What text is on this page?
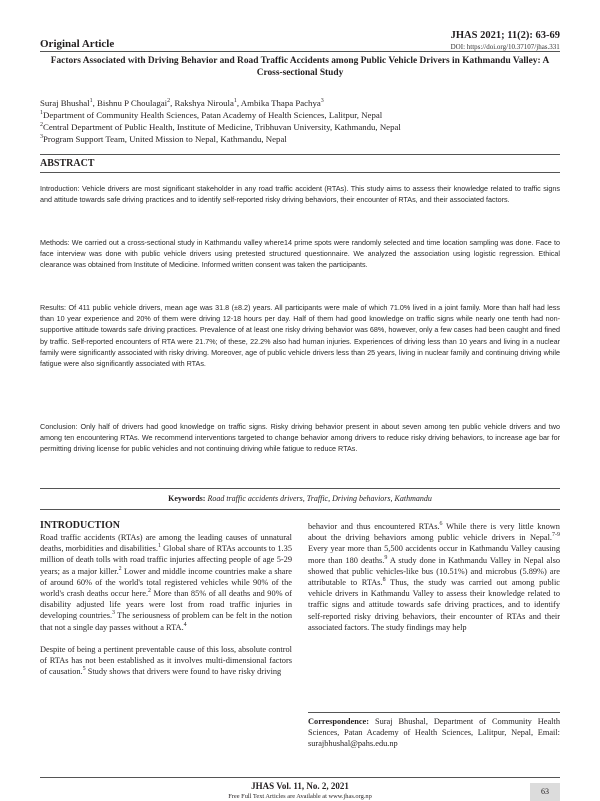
Original Article
JHAS 2021; 11(2): 63-69
DOI: https://doi.org/10.37107/jhas.331
Factors Associated with Driving Behavior and Road Traffic Accidents among Public Vehicle Drivers in Kathmandu Valley: A Cross-sectional Study

Suraj Bhushal$^1$, Bishnu P Choulagai$^2$, Rakshya Niroula$^1$, Ambika Thapa Pachya$^3$

$^1$Department of Community Health Sciences, Patan Academy of Health Sciences, Lalitpur, Nepal

$^2$Central Department of Public Health, Institute of Medicine, Tribhuvan University, Kathmandu, Nepal

$^3$Program Support Team, United Mission to Nepal, Kathmandu, Nepal

ABSTRACT

Introduction: Vehicle drivers are most significant stakeholder in any road traffic accident (RTAs). This study aims to assess their knowledge related to traffic signs and attitude towards safe driving practices and to identify self-reported risky driving behaviors, their encounter of RTAs, and their associated factors.

Methods: We carried out a cross-sectional study in Kathmandu valley where14 prime spots were randomly selected and time location sampling was done. Face to face interview was done with public vehicle drivers using pretested structured questionnaire. We analyzed the association using logistic regression. Ethical clearance was obtained from Institute of Medicine. Informed written consent was taken the participants.

Results: Of 411 public vehicle drivers, mean age was 31.8 (±8.2) years. All participants were male of which 71.0% lived in a joint family. More than half had less than 10 year experience and 20% of them were driving 12-18 hours per day. Half of them had good knowledge on traffic signs while nearly one tenth had non-supportive attitude towards safe driving practices. Prevalence of at least one risky driving behavior was 68%, however, only a few cases had been caught and fined by traffic. Self-reported encounters of RTA were 21.7%; of these, 22.2% also had human injuries. Experiences of driving less than 10 years and living in a nuclear family were significantly associated with risky driving. Moreover, age of public vehicle drivers less than 25 years, living in nuclear family and continuing driving while fatigue were also significantly associated with RTAs.

Conclusion: Only half of drivers had good knowledge on traffic signs. Risky driving behavior present in about seven among ten public vehicle drivers and two among ten encountering RTAs. We recommend interventions targeted to change behavior among drivers to reduce risky driving behaviors, to increase age bar for permitting driving license for public vehicles and not continuing driving while fatigue to reduce RTAs.

Keywords: Road traffic accidents drivers, Traffic, Driving behaviors, Kathmandu

INTRODUCTION

Road traffic accidents (RTAs) are among the leading causes of unnatural deaths, morbidities and disabilities.$^1$ Global share of RTAs accounts to 1.35 million of death tolls with road traffic injuries affecting people of age 5-29 years; as a major killer.$^2$ Lower and middle income countries make a share of around 60% of the world's total registered vehicles while 90% of the world's crash deaths occur here.$^2$ More than 85% of all deaths and 90% of disability adjusted life years were lost from road traffic injuries in developing countries.$^3$ The seriousness of problem can be felt in the notion that not a single day passes without a RTA.$^4$

Despite of being a pertinent preventable cause of this loss, absolute control of RTAs has not been established as it involves multi-dimensional factors of causation.$^5$ Study shows that drivers were found to have risky driving

behavior and thus encountered RTAs.$^6$ While there is very little known about the driving behaviors among public vehicle drivers in Nepal.$^{7-9}$ Every year more than 5,500 accidents occur in Kathmandu Valley causing more than 180 deaths.$^9$ A study done in Kathmandu Valley in Nepal also showed that public vehicles-like bus (10.51%) and microbus (5.89%) are attributable to RTAs.$^8$ Thus, the study was carried out among public vehicle drivers in Kathmandu Valley to assess their knowledge related to traffic signs and attitude towards safe driving practices, and to identify self-reported risky driving behaviors, their encounter of RTAs and their associated factors. The study findings may help

Correspondence: Suraj Bhushal, Department of Community Health Sciences, Patan Academy of Health Sciences, Lalitpur, Nepal, Email: surajbhushal@pahs.edu.np
JHAS Vol. 11, No. 2, 2021
Free Full Text Articles are Available at www.jhas.org.np
63
